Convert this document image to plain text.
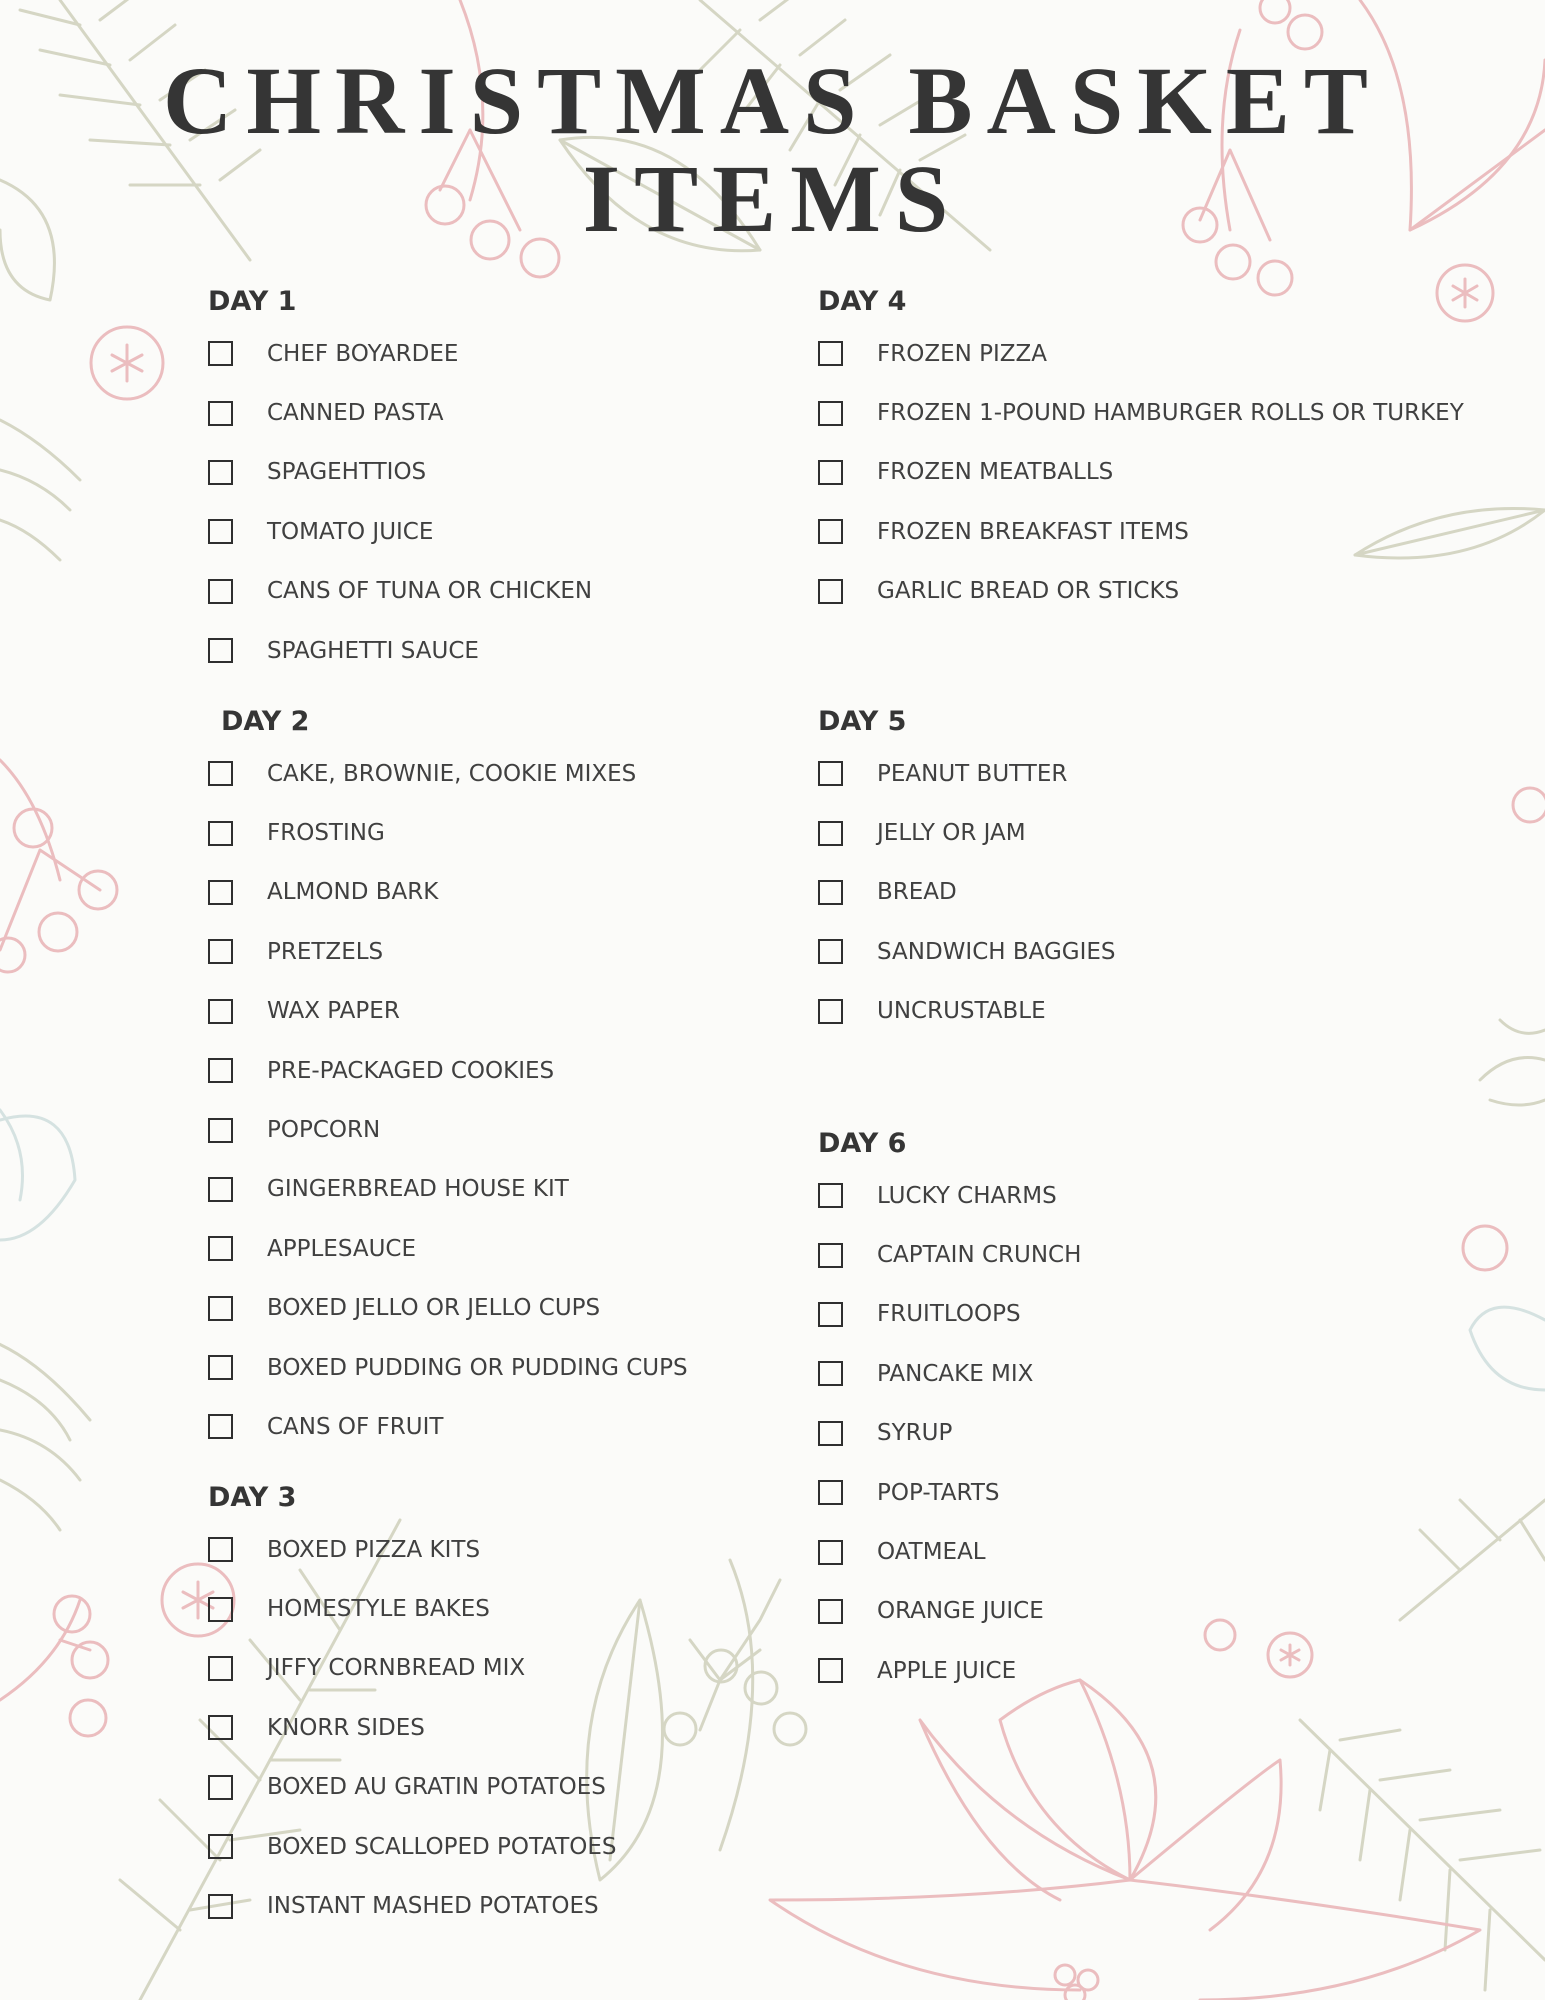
CHRISTMAS BASKET
ITEMS
DAY 1
CHEF BOYARDEE
CANNED PASTA
SPAGEHTTIOS
TOMATO JUICE
CANS OF TUNA OR CHICKEN
SPAGHETTI SAUCE
DAY 2
CAKE, BROWNIE, COOKIE MIXES
FROSTING
ALMOND BARK
PRETZELS
WAX PAPER
PRE-PACKAGED COOKIES
POPCORN
GINGERBREAD HOUSE KIT
APPLESAUCE
BOXED JELLO OR JELLO CUPS
BOXED PUDDING OR PUDDING CUPS
CANS OF FRUIT
DAY 3
BOXED PIZZA KITS
HOMESTYLE BAKES
JIFFY CORNBREAD MIX
KNORR SIDES
BOXED AU GRATIN POTATOES
BOXED SCALLOPED POTATOES
INSTANT MASHED POTATOES
DAY 4
FROZEN PIZZA
FROZEN 1-POUND HAMBURGER ROLLS OR TURKEY
FROZEN MEATBALLS
FROZEN BREAKFAST ITEMS
GARLIC BREAD OR STICKS
DAY 5
PEANUT BUTTER
JELLY OR JAM
BREAD
SANDWICH BAGGIES
UNCRUSTABLE
DAY 6
LUCKY CHARMS
CAPTAIN CRUNCH
FRUITLOOPS
PANCAKE MIX
SYRUP
POP-TARTS
OATMEAL
ORANGE JUICE
APPLE JUICE
